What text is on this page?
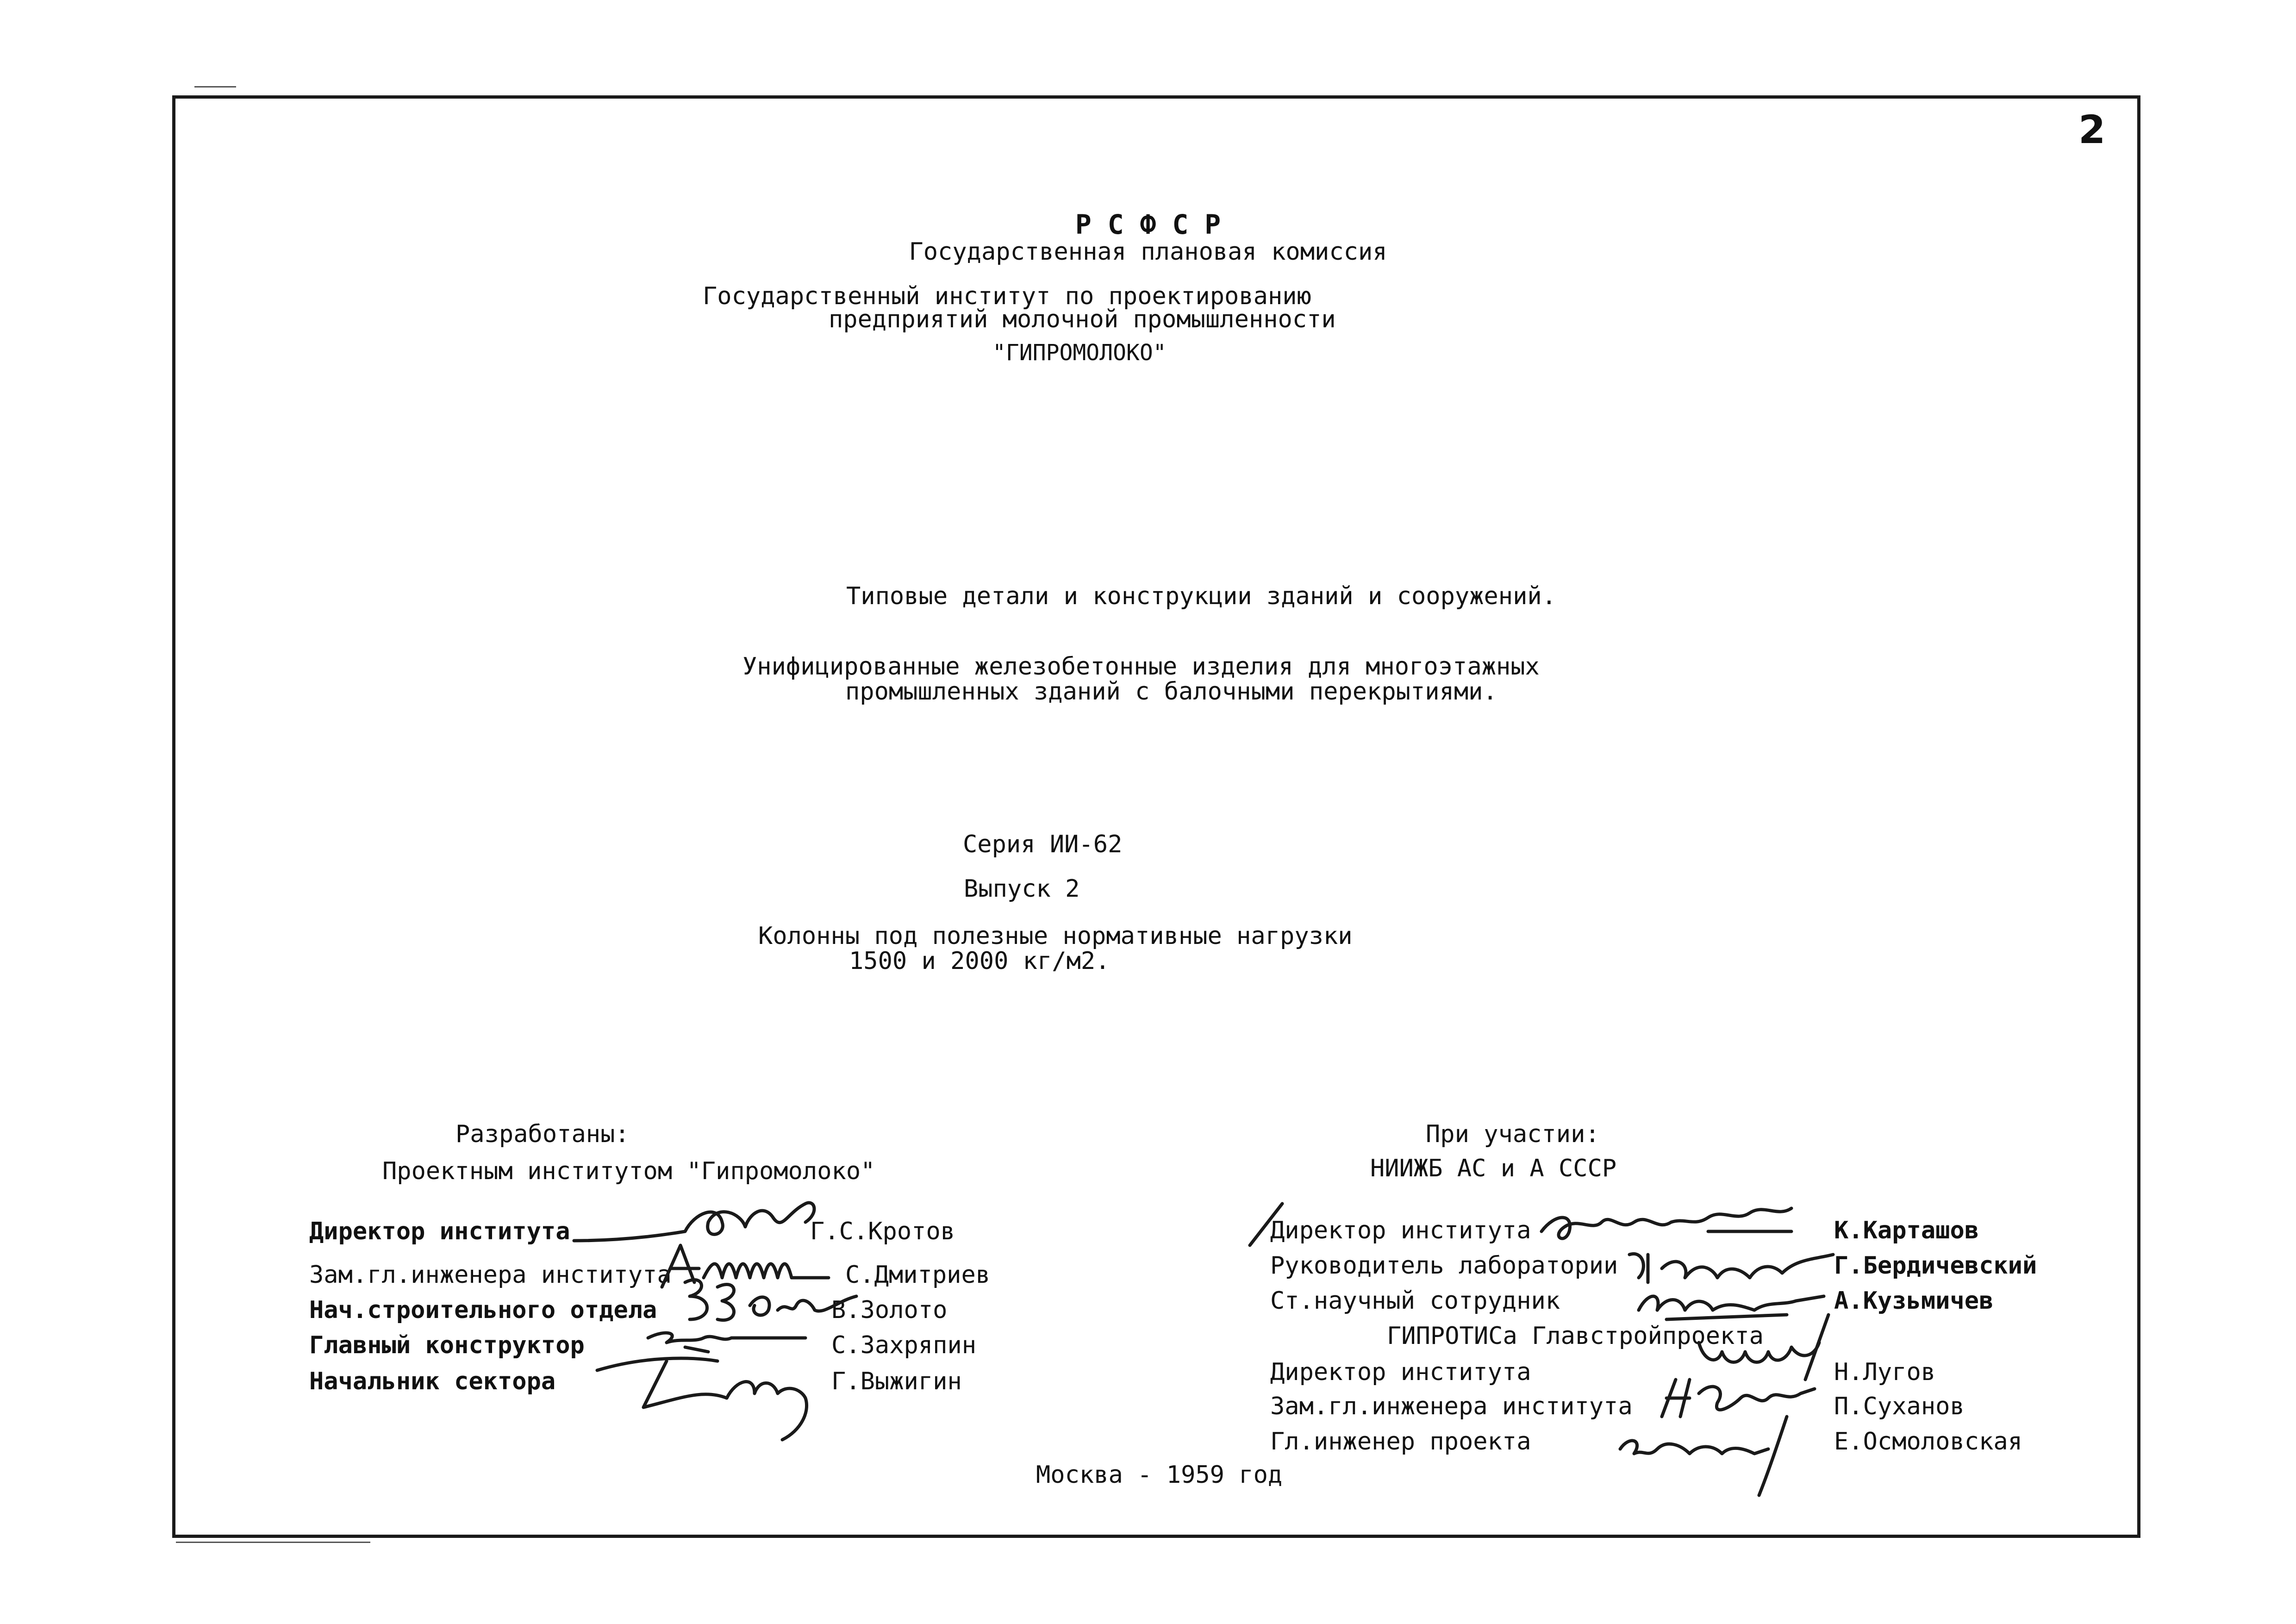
2
Р С Ф С Р
Государственная плановая комиссия
Государственный институт по проектированию
предприятий молочной промышленности
"ГИПРОМОЛОКО"
Типовые детали и конструкции зданий и сооружений.
Унифицированные железобетонные изделия для многоэтажных
промышленных зданий с балочными перекрытиями.
Серия ИИ-62
Выпуск 2
Колонны под полезные нормативные нагрузки
1500 и 2000 кг/м2.
Разработаны:
Проектным институтом "Гипромолоко"
Директор института	Г.С.Кротов
Зам.гл.инженера института	С.Дмитриев
Нач.строительного отдела	В.Золото
Главный конструктор	С.Захряпин
Начальник сектора	Г.Выжигин
При участии:
НИИЖБ АС и А СССР
Директор института	К.Карташов
Руководитель лаборатории	Г.Бердичевский
Ст.научный сотрудник	А.Кузьмичев
ГИПРОТИСа Главстройпроекта
Директор института	Н.Лугов
Зам.гл.инженера института	П.Суханов
Гл.инженер проекта	Е.Осмоловская
Москва - 1959 год
